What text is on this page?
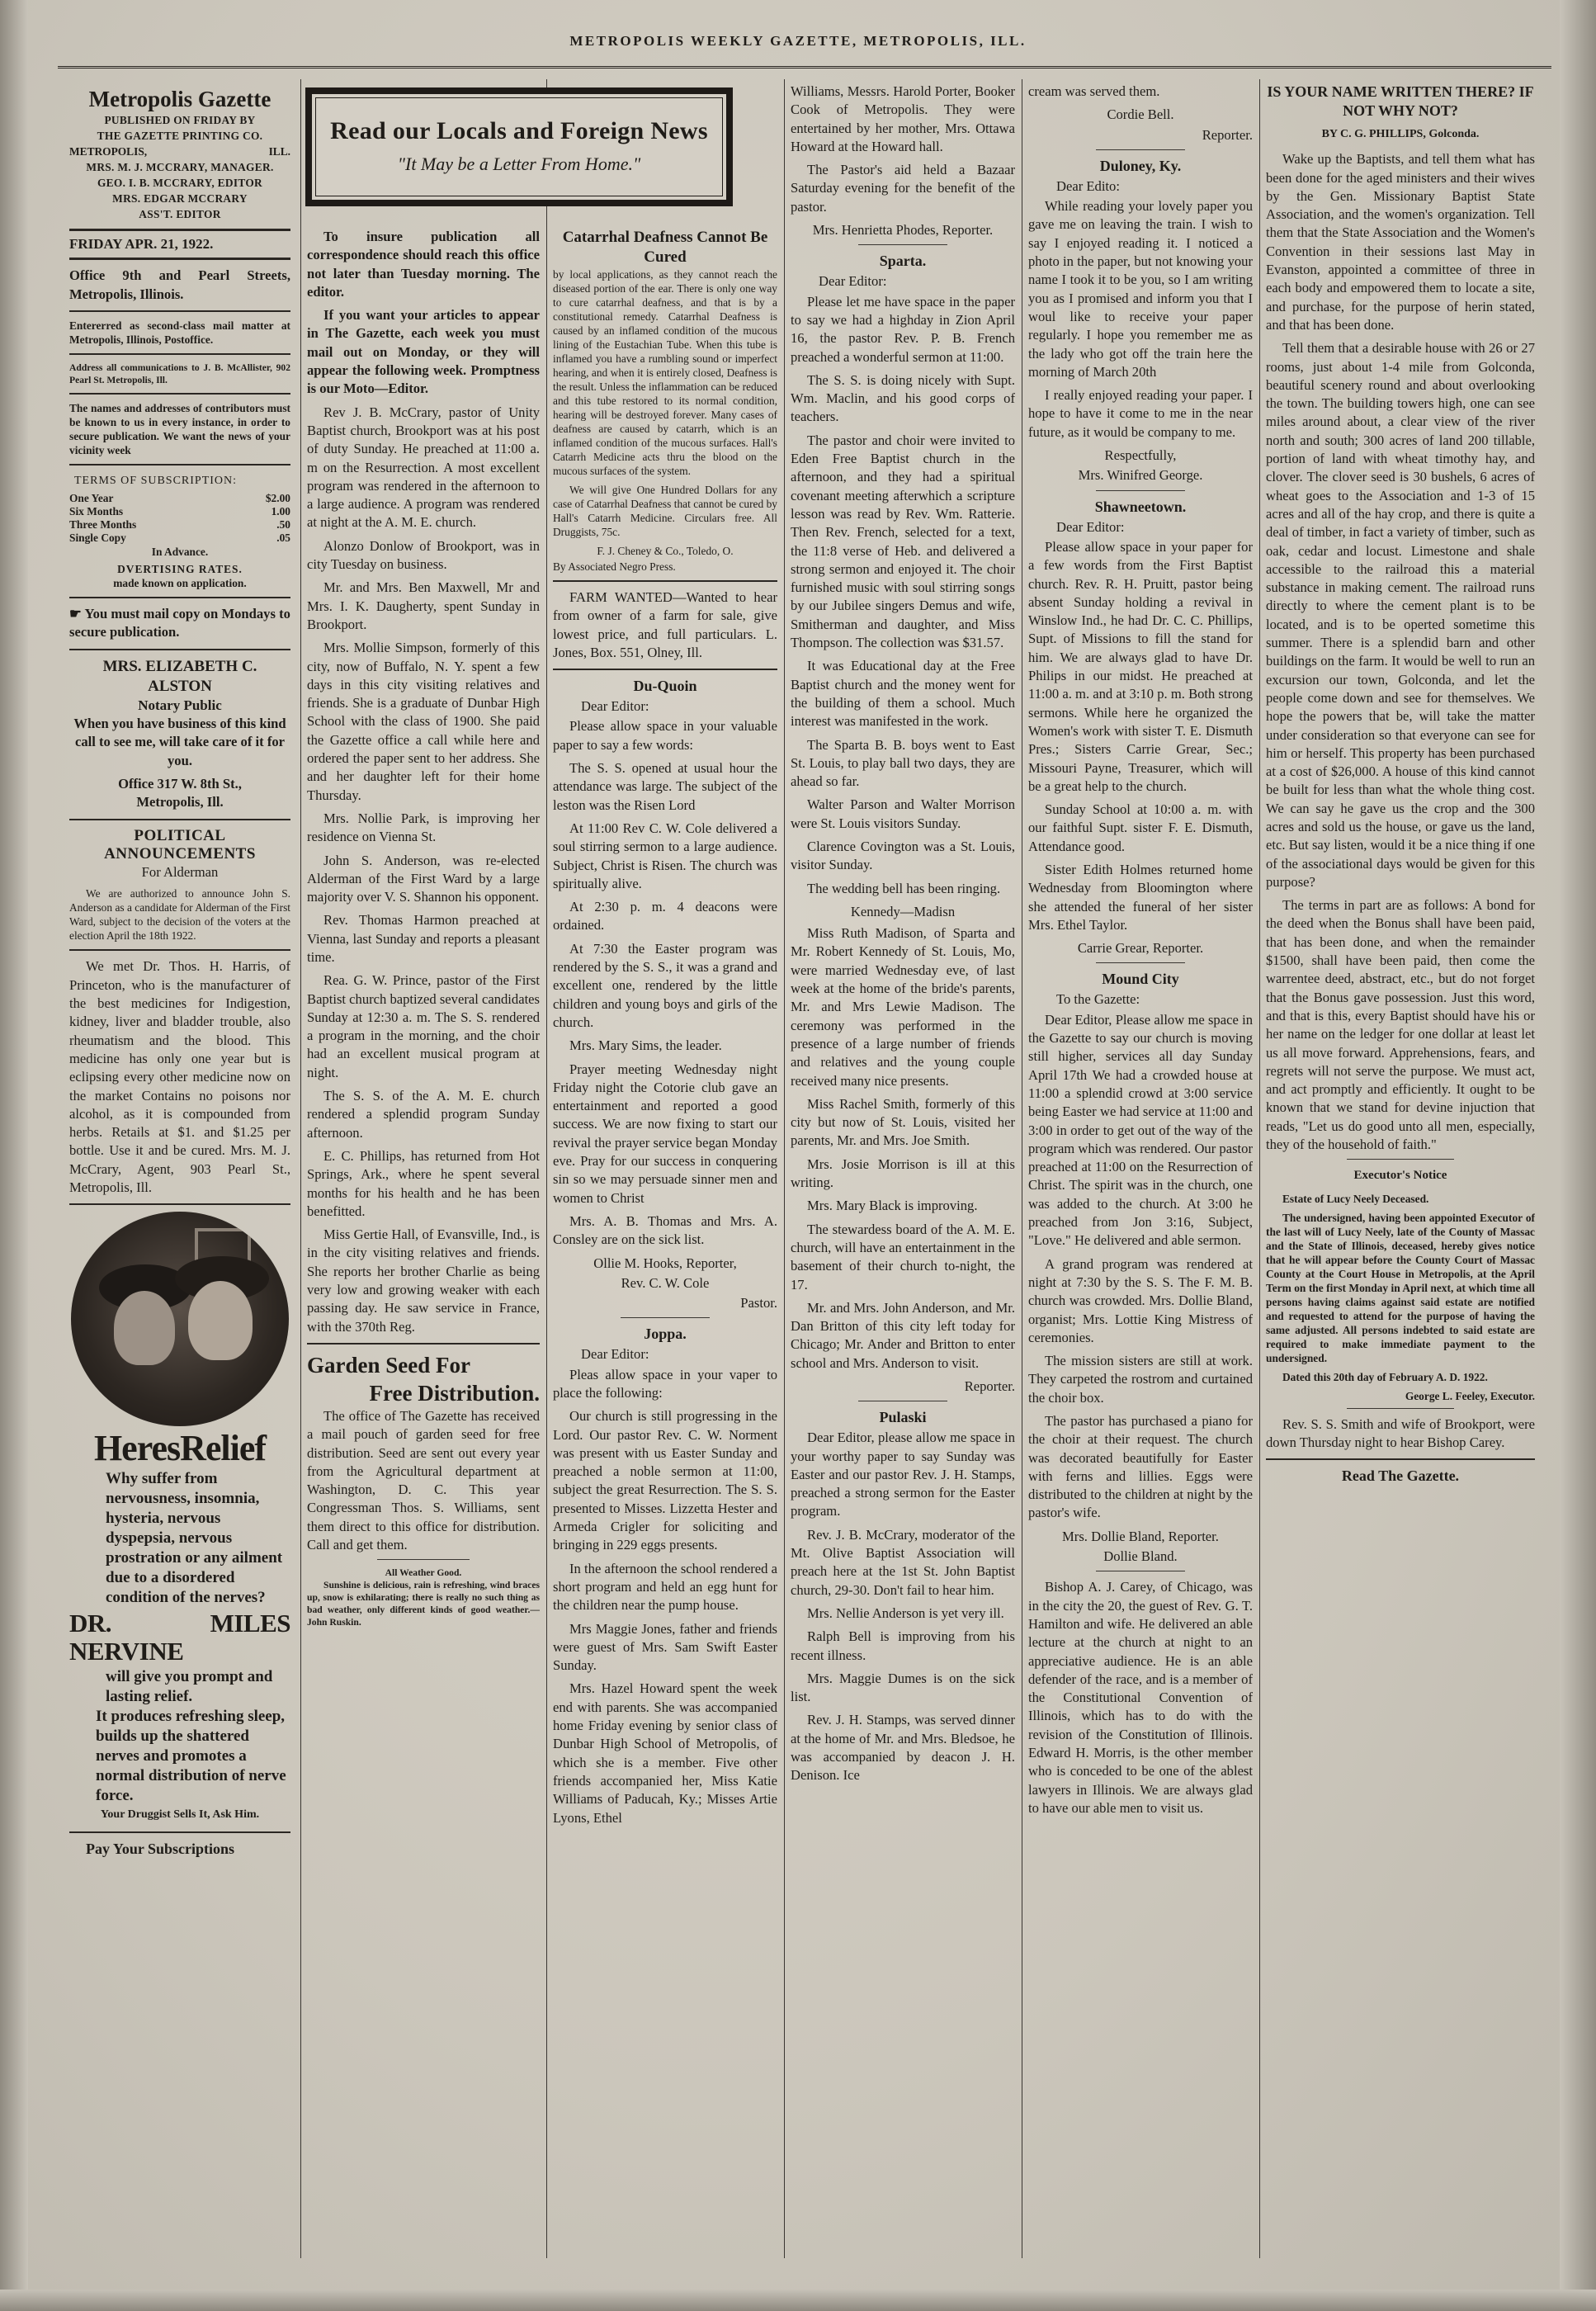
METROPOLIS WEEKLY GAZETTE, METROPOLIS, ILL.
Metropolis Gazette
PUBLISHED ON FRIDAY BY
THE GAZETTE PRINTING CO.
METROPOLIS,	ILL.
MRS. M. J. MCCRARY, MANAGER.
GEO. I. B. MCCRARY, EDITOR
MRS. EDGAR MCCRARY
ASS'T. EDITOR
FRIDAY APR. 21, 1922.

Office 9th and Pearl Streets, Metropolis, Illinois.

Entererred as second-class mail matter at Metropolis, Illinois, Postoffice.

Address all communications to J. B. McAllister, 902 Pearl St. Metropolis, Ill.

The names and addresses of contributors must be known to us in every instance, in order to secure publication. We want the news of your vicinity week

TERMS OF SUBSCRIPTION:
One Year	$2.00
Six Months	1.00
Three Months	.50
Single Copy	.05
In Advance.
DVERTISING RATES.
made known on application.

☛ You must mail copy on Mondays to secure publication.

MRS. ELIZABETH C. ALSTON
Notary Public

When you have business of this kind call to see me, will take care of it for you.

Office 317 W. 8th St.,
Metropolis, Ill.
POLITICAL ANNOUNCEMENTS
For Alderman

We are authorized to announce John S. Anderson as a candidate for Alderman of the First Ward, subject to the decision of the voters at the election April the 18th 1922.

We met Dr. Thos. H. Harris, of Princeton, who is the manufacturer of the best medicines for Indigestion, kidney, liver and bladder trouble, also rheumatism and the blood. This medicine has only one year but is eclipsing every other medicine now on the market Contains no poisons nor alcohol, as it is compounded from herbs. Retails at $1. and $1.25 per bottle. Use it and be cured. Mrs. M. J. McCrary, Agent, 903 Pearl St., Metropolis, Ill.

HeresRelief
Why suffer from nervousness, insomnia, hysteria, nervous dyspepsia, nervous prostration or any ailment due to a disordered condition of the nerves?
DR. MILES NERVINE
will give you prompt and lasting relief.
It produces refreshing sleep, builds up the shattered nerves and promotes a normal distribution of nerve force.
Your Druggist Sells It, Ask Him.
Pay Your Subscriptions
Read our Locals and Foreign News
"It May be a Letter From Home."

To insure publication all correspondence should reach this office not later than Tuesday morning. The editor.

If you want your articles to appear in The Gazette, each week you must mail out on Monday, or they will appear the following week. Promptness is our Moto—Editor.

Rev J. B. McCrary, pastor of Unity Baptist church, Brookport was at his post of duty Sunday. He preached at 11:00 a. m on the Resurrection. A most excellent program was rendered in the afternoon to a large audience. A program was rendered at night at the A. M. E. church.

Alonzo Donlow of Brookport, was in city Tuesday on business.

Mr. and Mrs. Ben Maxwell, Mr and Mrs. I. K. Daugherty, spent Sunday in Brookport.

Mrs. Mollie Simpson, formerly of this city, now of Buffalo, N. Y. spent a few days in this city visiting relatives and friends. She is a graduate of Dunbar High School with the class of 1900. She paid the Gazette office a call while here and ordered the paper sent to her address. She and her daughter left for their home Thursday.

Mrs. Nollie Park, is improving her residence on Vienna St.

John S. Anderson, was re-elected Alderman of the First Ward by a large majority over V. S. Shannon his opponent.

Rev. Thomas Harmon preached at Vienna, last Sunday and reports a pleasant time.

Rea. G. W. Prince, pastor of the First Baptist church baptized several candidates Sunday at 12:30 a. m. The S. S. rendered a program in the morning, and the choir had an excellent musical program at night.

The S. S. of the A. M. E. church rendered a splendid program Sunday afternoon.

E. C. Phillips, has returned from Hot Springs, Ark., where he spent several months for his health and he has been benefitted.

Miss Gertie Hall, of Evansville, Ind., is in the city visiting relatives and friends. She reports her brother Charlie as being very low and growing weaker with each passing day. He saw service in France, with the 370th Reg.

Garden Seed For
Free Distribution.

The office of The Gazette has received a mail pouch of garden seed for free distribution. Seed are sent out every year from the Agricultural department at Washington, D. C. This year Congressman Thos. S. Williams, sent them direct to this office for distribution. Call and get them.

All Weather Good.

Sunshine is delicious, rain is refreshing, wind braces up, snow is exhilarating; there is really no such thing as bad weather, only different kinds of good weather.—John Ruskin.

Catarrhal Deafness Cannot Be Cured

by local applications, as they cannot reach the diseased portion of the ear. There is only one way to cure catarrhal deafness, and that is by a constitutional remedy. Catarrhal Deafness is caused by an inflamed condition of the mucous lining of the Eustachian Tube. When this tube is inflamed you have a rumbling sound or imperfect hearing, and when it is entirely closed, Deafness is the result. Unless the inflammation can be reduced and this tube restored to its normal condition, hearing will be destroyed forever. Many cases of deafness are caused by catarrh, which is an inflamed condition of the mucous surfaces. Hall's Catarrh Medicine acts thru the blood on the mucous surfaces of the system.

We will give One Hundred Dollars for any case of Catarrhal Deafness that cannot be cured by Hall's Catarrh Medicine. Circulars free. All Druggists, 75c.

F. J. Cheney & Co., Toledo, O.

By Associated Negro Press.

FARM WANTED—Wanted to hear from owner of a farm for sale, give lowest price, and full particulars. L. Jones, Box. 551, Olney, Ill.

Du-Quoin

Dear Editor:

Please allow space in your valuable paper to say a few words:

The S. S. opened at usual hour the attendance was large. The subject of the leston was the Risen Lord

At 11:00 Rev C. W. Cole delivered a soul stirring sermon to a large audience. Subject, Christ is Risen. The church was spiritually alive.

At 2:30 p. m. 4 deacons were ordained.

At 7:30 the Easter program was rendered by the S. S., it was a grand and excellent one, rendered by the little children and young boys and girls of the church.

Mrs. Mary Sims, the leader.

Prayer meeting Wednesday night Friday night the Cotorie club gave an entertainment and reported a good success. We are now fixing to start our revival the prayer service began Monday eve. Pray for our success in conquering sin so we may persuade sinner men and women to Christ

Mrs. A. B. Thomas and Mrs. A. Consley are on the sick list.

Ollie M. Hooks, Reporter,

Rev. C. W. Cole

Pastor.

Joppa.

Dear Editor:

Pleas allow space in your vaper to place the following:

Our church is still progressing in the Lord. Our pastor Rev. C. W. Norment was present with us Easter Sunday and preached a noble sermon at 11:00, subject the great Resurrection. The S. S. presented to Misses. Lizzetta Hester and Armeda Crigler for soliciting and bringing in 229 eggs presents.

In the afternoon the school rendered a short program and held an egg hunt for the children near the pump house.

Mrs Maggie Jones, father and friends were guest of Mrs. Sam Swift Easter Sunday.

Mrs. Hazel Howard spent the week end with parents. She was accompanied home Friday evening by senior class of Dunbar High School of Metropolis, of which she is a member. Five other friends accompanied her, Miss Katie Williams of Paducah, Ky.; Misses Artie Lyons, Ethel

Williams, Messrs. Harold Porter, Booker Cook of Metropolis. They were entertained by her mother, Mrs. Ottawa Howard at the Howard hall.

The Pastor's aid held a Bazaar Saturday evening for the benefit of the pastor.

Mrs. Henrietta Phodes, Reporter.

Sparta.

Dear Editor:

Please let me have space in the paper to say we had a highday in Zion April 16, the pastor Rev. P. B. French preached a wonderful sermon at 11:00.

The S. S. is doing nicely with Supt. Wm. Maclin, and his good corps of teachers.

The pastor and choir were invited to Eden Free Baptist church in the afternoon, and they had a spiritual covenant meeting afterwhich a scripture lesson was read by Rev. Wm. Ratterie. Then Rev. French, selected for a text, the 11:8 verse of Heb. and delivered a strong sermon and enjoyed it. The choir furnished music with soul stirring songs by our Jubilee singers Demus and wife, Smitherman and daughter, and Miss Thompson. The collection was $31.57.

It was Educational day at the Free Baptist church and the money went for the building of them a school. Much interest was manifested in the work.

The Sparta B. B. boys went to East St. Louis, to play ball two days, they are ahead so far.

Walter Parson and Walter Morrison were St. Louis visitors Sunday.

Clarence Covington was a St. Louis, visitor Sunday.

The wedding bell has been ringing.

Kennedy—Madisn

Miss Ruth Madison, of Sparta and Mr. Robert Kennedy of St. Louis, Mo, were married Wednesday eve, of last week at the home of the bride's parents, Mr. and Mrs Lewie Madison. The ceremony was performed in the presence of a large number of friends and relatives and the young couple received many nice presents.

Miss Rachel Smith, formerly of this city but now of St. Louis, visited her parents, Mr. and Mrs. Joe Smith.

Mrs. Josie Morrison is ill at this writing.

Mrs. Mary Black is improving.

The stewardess board of the A. M. E. church, will have an entertainment in the basement of their church to-night, the 17.

Mr. and Mrs. John Anderson, and Mr. Dan Britton of this city left today for Chicago; Mr. Ander and Britton to enter school and Mrs. Anderson to visit.

Reporter.

Pulaski

Dear Editor, please allow me space in your worthy paper to say Sunday was Easter and our pastor Rev. J. H. Stamps, preached a strong sermon for the Easter program.

Rev. J. B. McCrary, moderator of the Mt. Olive Baptist Association will preach here at the 1st St. John Baptist church, 29-30. Don't fail to hear him.

Mrs. Nellie Anderson is yet very ill.

Ralph Bell is improving from his recent illness.

Mrs. Maggie Dumes is on the sick list.

Rev. J. H. Stamps, was served dinner at the home of Mr. and Mrs. Bledsoe, he was accompanied by deacon J. H. Denison. Ice

cream was served them.

Cordie Bell.

Reporter.

Duloney, Ky.

Dear Edito:

While reading your lovely paper you gave me on leaving the train. I wish to say I enjoyed reading it. I noticed a photo in the paper, but not knowing your name I took it to be you, so I am writing you as I promised and inform you that I woul like to receive your paper regularly. I hope you remember me as the lady who got off the train here the morning of March 20th

I really enjoyed reading your paper. I hope to have it come to me in the near future, as it would be company to me.

Respectfully,

Mrs. Winifred George.

Shawneetown.

Dear Editor:

Please allow space in your paper for a few words from the First Baptist church. Rev. R. H. Pruitt, pastor being absent Sunday holding a revival in Winslow Ind., he had Dr. C. C. Phillips, Supt. of Missions to fill the stand for him. We are always glad to have Dr. Philips in our midst. He preached at 11:00 a. m. and at 3:10 p. m. Both strong sermons. While here he organized the Women's work with sister T. E. Dismuth Pres.; Sisters Carrie Grear, Sec.; Missouri Payne, Treasurer, which will be a great help to the church.

Sunday School at 10:00 a. m. with our faithful Supt. sister F. E. Dismuth, Attendance good.

Sister Edith Holmes returned home Wednesday from Bloomington where she attended the funeral of her sister Mrs. Ethel Taylor.

Carrie Grear, Reporter.

Mound City

To the Gazette:

Dear Editor, Please allow me space in the Gazette to say our church is moving still higher, services all day Sunday April 17th We had a crowded house at 11:00 a splendid crowd at 3:00 service being Easter we had service at 11:00 and 3:00 in order to get out of the way of the program which was rendered. Our pastor preached at 11:00 on the Resurrection of Christ. The spirit was in the church, one was added to the church. At 3:00 he preached from Jon 3:16, Subject, "Love." He delivered and able sermon.

A grand program was rendered at night at 7:30 by the S. S. The F. M. B. church was crowded. Mrs. Dollie Bland, organist; Mrs. Lottie King Mistress of ceremonies.

The mission sisters are still at work. They carpeted the rostrom and curtained the choir box.

The pastor has purchased a piano for the choir at their request. The church was decorated beautifully for Easter with ferns and lillies. Eggs were distributed to the children at night by the pastor's wife.

Mrs. Dollie Bland, Reporter.

Dollie Bland.

Bishop A. J. Carey, of Chicago, was in the city the 20, the guest of Rev. G. T. Hamilton and wife. He delivered an able lecture at the church at night to an appreciative audience. He is an able defender of the race, and is a member of the Constitutional Convention of Illinois, which has to do with the revision of the Constitution of Illinois. Edward H. Morris, is the other member who is conceded to be one of the ablest lawyers in Illinois. We are always glad to have our able men to visit us.

IS YOUR NAME WRITTEN THERE? IF NOT WHY NOT?
BY C. G. PHILLIPS, Golconda.

Wake up the Baptists, and tell them what has been done for the aged ministers and their wives by the Gen. Missionary Baptist State Association, and the women's organization. Tell them that the State Association and the Women's Convention in their sessions last May in Evanston, appointed a committee of three in each body and empowered them to locate a site, and purchase, for the purpose of herin stated, and that has been done.

Tell them that a desirable house with 26 or 27 rooms, just about 1-4 mile from Golconda, beautiful scenery round and about overlooking the town. The building towers high, one can see miles around about, a clear view of the river north and south; 300 acres of land 200 tillable, portion of land with wheat timothy hay, and clover. The clover seed is 30 bushels, 6 acres of wheat goes to the Association and 1-3 of 15 acres and all of the hay crop, and there is quite a deal of timber, in fact a variety of timber, such as oak, cedar and locust. Limestone and shale accessible to the railroad this a material substance in making cement. The railroad runs directly to where the cement plant is to be located, and is to be operted sometime this summer. There is a splendid barn and other buildings on the farm. It would be well to run an excursion our town, Golconda, and let the people come down and see for themselves. We hope the powers that be, will take the matter under consideration so that everyone can see for him or herself. This property has been purchased at a cost of $26,000. A house of this kind cannot be built for less than what the whole thing cost. We can say he gave us the crop and the 300 acres and sold us the house, or gave us the land, etc. But say listen, would it be a nice thing if one of the associational days would be given for this purpose?

The terms in part are as follows: A bond for the deed when the Bonus shall have been paid, that has been done, and when the remainder $1500, shall have been paid, then come the warrentee deed, abstract, etc., but do not forget that the Bonus gave possession. Just this word, and that is this, every Baptist should have his or her name on the ledger for one dollar at least let us all move forward. Apprehensions, fears, and regrets will not serve the purpose. We must act, and act promptly and efficiently. It ought to be known that we stand for devine injuction that reads, "Let us do good unto all men, especially, they of the household of faith."

Executor's Notice

Estate of Lucy Neely Deceased.

The undersigned, having been appointed Executor of the last will of Lucy Neely, late of the County of Massac and the State of Illinois, deceased, hereby gives notice that he will appear before the County Court of Massac County at the Court House in Metropolis, at the April Term on the first Monday in April next, at which time all persons having claims against said estate are notified and requested to attend for the purpose of having the same adjusted. All persons indebted to said estate are required to make immediate payment to the undersigned.

Dated this 20th day of February A. D. 1922.

George L. Feeley, Executor.

Rev. S. S. Smith and wife of Brookport, were down Thursday night to hear Bishop Carey.

Read The Gazette.
